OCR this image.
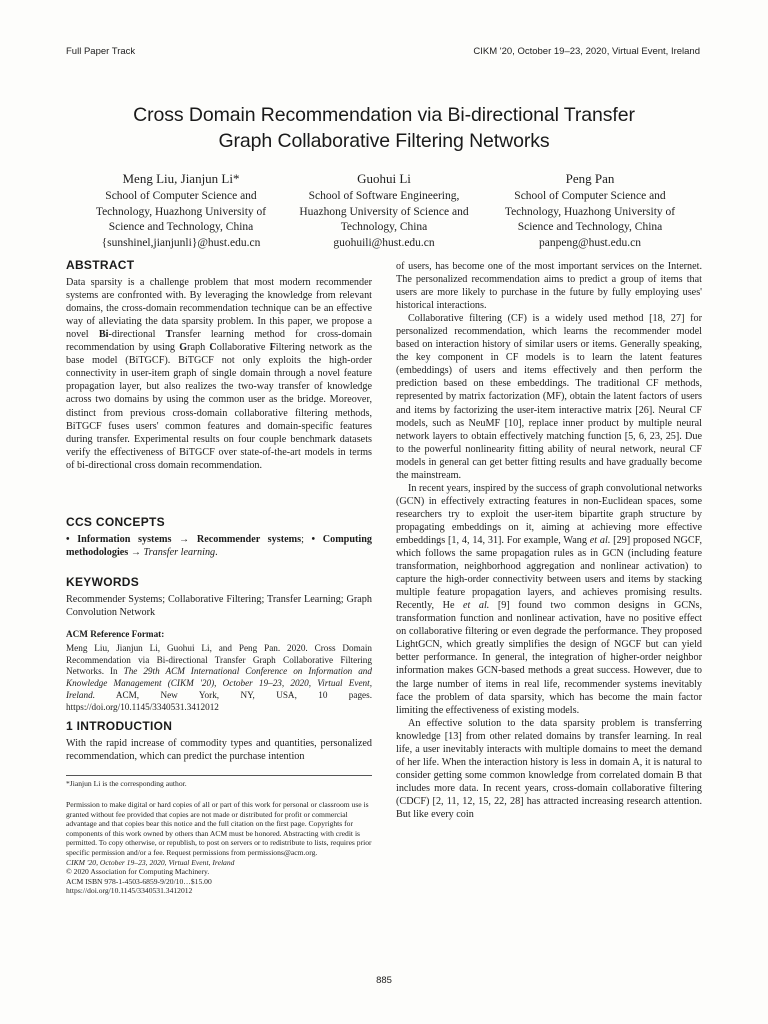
Full Paper Track	CIKM '20, October 19–23, 2020, Virtual Event, Ireland
Cross Domain Recommendation via Bi-directional Transfer
Graph Collaborative Filtering Networks
Meng Liu, Jianjun Li*
School of Computer Science and
Technology, Huazhong University of
Science and Technology, China
{sunshinel,jianjunli}@hust.edu.cn
Guohui Li
School of Software Engineering,
Huazhong University of Science and
Technology, China
guohuili@hust.edu.cn
Peng Pan
School of Computer Science and
Technology, Huazhong University of
Science and Technology, China
panpeng@hust.edu.cn
ABSTRACT

Data sparsity is a challenge problem that most modern recommender systems are confronted with. By leveraging the knowledge from relevant domains, the cross-domain recommendation technique can be an effective way of alleviating the data sparsity problem. In this paper, we propose a novel Bi-directional Transfer learning method for cross-domain recommendation by using Graph Collaborative Filtering network as the base model (BiTGCF). BiTGCF not only exploits the high-order connectivity in user-item graph of single domain through a novel feature propagation layer, but also realizes the two-way transfer of knowledge across two domains by using the common user as the bridge. Moreover, distinct from previous cross-domain collaborative filtering methods, BiTGCF fuses users' common features and domain-specific features during transfer. Experimental results on four couple benchmark datasets verify the effectiveness of BiTGCF over state-of-the-art models in terms of bi-directional cross domain recommendation.

CCS CONCEPTS

• Information systems → Recommender systems; • Computing methodologies → Transfer learning.

KEYWORDS

Recommender Systems; Collaborative Filtering; Transfer Learning; Graph Convolution Network

ACM Reference Format:

Meng Liu, Jianjun Li, Guohui Li, and Peng Pan. 2020. Cross Domain Recommendation via Bi-directional Transfer Graph Collaborative Filtering Networks. In The 29th ACM International Conference on Information and Knowledge Management (CIKM '20), October 19–23, 2020, Virtual Event, Ireland. ACM, New York, NY, USA, 10 pages. https://doi.org/10.1145/3340531.3412012

1 INTRODUCTION

With the rapid increase of commodity types and quantities, personalized recommendation, which can predict the purchase intention

*Jianjun Li is the corresponding author.

Permission to make digital or hard copies of all or part of this work for personal or classroom use is granted without fee provided that copies are not made or distributed for profit or commercial advantage and that copies bear this notice and the full citation on the first page. Copyrights for components of this work owned by others than ACM must be honored. Abstracting with credit is permitted. To copy otherwise, or republish, to post on servers or to redistribute to lists, requires prior specific permission and/or a fee. Request permissions from permissions@acm.org.

CIKM '20, October 19–23, 2020, Virtual Event, Ireland

© 2020 Association for Computing Machinery.

ACM ISBN 978-1-4503-6859-9/20/10…$15.00

https://doi.org/10.1145/3340531.3412012

of users, has become one of the most important services on the Internet. The personalized recommendation aims to predict a group of items that users are more likely to purchase in the future by fully employing uses' historical interactions.

Collaborative filtering (CF) is a widely used method [18, 27] for personalized recommendation, which learns the recommender model based on interaction history of similar users or items. Generally speaking, the key component in CF models is to learn the latent features (embeddings) of users and items effectively and then perform the prediction based on these embeddings. The traditional CF methods, represented by matrix factorization (MF), obtain the latent factors of users and items by factorizing the user-item interactive matrix [26]. Neural CF models, such as NeuMF [10], replace inner product by multiple neural network layers to obtain effectively matching function [5, 6, 23, 25]. Due to the powerful nonlinearity fitting ability of neural network, neural CF models in general can get better fitting results and have gradually become the mainstream.

In recent years, inspired by the success of graph convolutional networks (GCN) in effectively extracting features in non-Euclidean spaces, some researchers try to exploit the user-item bipartite graph structure by propagating embeddings on it, aiming at achieving more effective embeddings [1, 4, 14, 31]. For example, Wang et al. [29] proposed NGCF, which follows the same propagation rules as in GCN (including feature transformation, neighborhood aggregation and nonlinear activation) to capture the high-order connectivity between users and items by stacking multiple feature propagation layers, and achieves promising results. Recently, He et al. [9] found two common designs in GCNs, transformation function and nonlinear activation, have no positive effect on collaborative filtering or even degrade the performance. They proposed LightGCN, which greatly simplifies the design of NGCF but can yield better performance. In general, the integration of higher-order neighbor information makes GCN-based methods a great success. However, due to the large number of items in real life, recommender systems inevitably face the problem of data sparsity, which has become the main factor limiting the effectiveness of existing models.

An effective solution to the data sparsity problem is transferring knowledge [13] from other related domains by transfer learning. In real life, a user inevitably interacts with multiple domains to meet the demand of her life. When the interaction history is less in domain A, it is natural to consider getting some common knowledge from correlated domain B that includes more data. In recent years, cross-domain collaborative filtering (CDCF) [2, 11, 12, 15, 22, 28] has attracted increasing research attention. But like every coin

885
